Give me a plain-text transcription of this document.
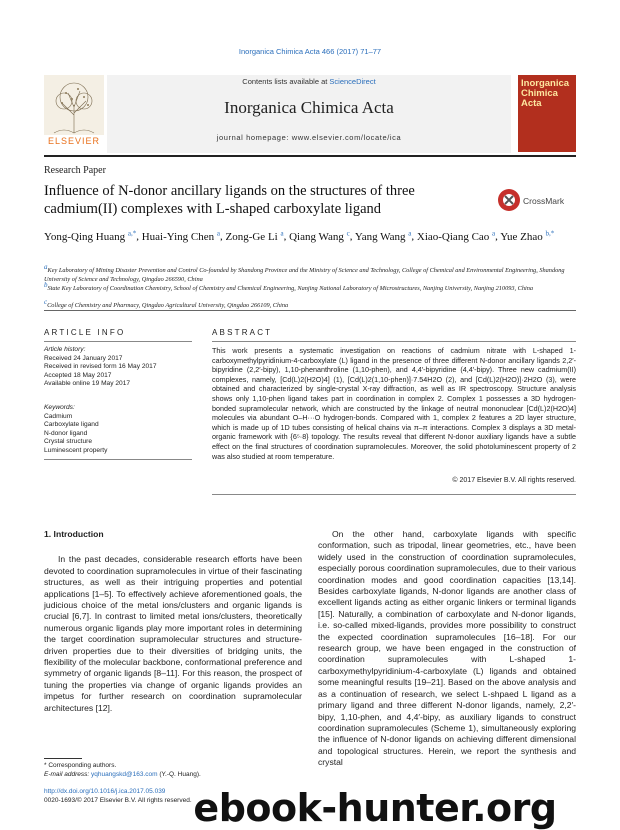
Inorganica Chimica Acta 466 (2017) 71–77
ELSEVIER
Contents lists available at ScienceDirect
Inorganica Chimica Acta
journal homepage: www.elsevier.com/locate/ica
Inorganica Chimica Acta
Research Paper
Influence of N-donor ancillary ligands on the structures of three cadmium(II) complexes with L-shaped carboxylate ligand	CrossMark
Yong-Qing Huang $^{a,*}$, Huai-Ying Chen $^a$, Zong-Ge Li $^a$, Qiang Wang $^c$, Yang Wang $^a$, Xiao-Qiang Cao $^a$, Yue Zhao $^{b,*}$
$^a$Key Laboratory of Mining Disaster Prevention and Control Co-founded by Shandong Province and the Ministry of Science and Technology, College of Chemical and Environmental Engineering, Shandong University of Science and Technology, Qingdao 266590, China
$^b$State Key Laboratory of Coordination Chemistry, School of Chemistry and Chemical Engineering, Nanjing National Laboratory of Microstructures, Nanjing University, Nanjing 210093, China
$^c$College of Chemistry and Pharmacy, Qingdao Agricultural University, Qingdao 266109, China
ARTICLE INFO
Article history:
Received 24 January 2017
Received in revised form 16 May 2017
Accepted 18 May 2017
Available online 19 May 2017
Keywords:
Cadmium
Carboxylate ligand
N-donor ligand
Crystal structure
Luminescent property
ABSTRACT
This work presents a systematic investigation on reactions of cadmium nitrate with L-shaped 1-carboxymethylpyridinium-4-carboxylate (L) ligand in the presence of three different N-donor ancillary ligands 2,2′-bipyridine (2,2′-bipy), 1,10-phenanthroline (1,10-phen), and 4,4′-bipyridine (4,4′-bipy). Three new cadmium(II) complexes, namely, [Cd(L)2(H2O)4] (1), [Cd(L)2(1,10-phen)]·7.54H2O (2), and [Cd(L)2(H2O)]·2H2O (3), were obtained and characterized by single-crystal X-ray diffraction, as well as IR spectroscopy. Structure analysis shows only 1,10-phen ligand takes part in coordination in complex 2. Complex 1 possesses a 3D hydrogen-bonded supramolecular network, which are constructed by the linkage of neutral mononuclear [Cd(L)2(H2O)4] molecules via abundant O–H···O hydrogen-bonds. Compared with 1, complex 2 features a 2D layer structure, which is made up of 1D tubes consisting of helical chains via π–π interactions. Complex 3 displays a 3D metal-organic framework with {6⁵·8} topology. The results reveal that different N-donor auxiliary ligands have a subtle effect on the final structures of coordination supramolecules. Moreover, the solid photoluminescent property of 2 was also studied at room temperature.
© 2017 Elsevier B.V. All rights reserved.
1. Introduction

In the past decades, considerable research efforts have been devoted to coordination supramolecules in virtue of their fascinating structures, as well as their intriguing properties and potential applications [1–5]. To effectively achieve aforementioned goals, the judicious choice of the metal ions/clusters and organic ligands is crucial [6,7]. In contrast to limited metal ions/clusters, theoretically numerous organic ligands play more important roles in determining the target coordination supramolecular structures and structure-driven properties due to their diversities of bridging units, the flexibility of the molecular backbone, conformational preference and symmetry of organic ligands [8–11]. For this reason, the prospect of tuning the properties via change of organic ligands provides an impetus for further research on coordination supramolecular architectures [12].

On the other hand, carboxylate ligands with specific conformation, such as tripodal, linear geometries, etc., have been widely used in the construction of coordination supramolecules, especially porous coordination supramolecules, due to their various coordination modes and good coordination capacities [13,14]. Besides carboxylate ligands, N-donor ligands are another class of excellent ligands acting as either organic linkers or terminal ligands [15]. Naturally, a combination of carboxylate and N-donor ligands, i.e. so-called mixed-ligands, provides more possibility to construct the expected coordination supramolecules [16–18]. For our research group, we have been engaged in the construction of coordination supramolecules with L-shaped 1-carboxymethylpyridinium-4-carboxylate (L) ligands and obtained some meaningful results [19–21]. Based on the above analysis and as a continuation of research, we select L-shpaed L ligand as a primary ligand and three different N-donor ligands, namely, 2,2′-bipy, 1,10-phen, and 4,4′-bipy, as auxiliary ligands to construct coordination supramolecules (Scheme 1), simultaneously exploring the influence of N-donor ligands on achieving different dimensional and topological structures. Herein, we report the synthesis and crystal

* Corresponding authors.
E-mail address: yqhuangskd@163.com (Y.-Q. Huang).
http://dx.doi.org/10.1016/j.ica.2017.05.039
0020-1693/© 2017 Elsevier B.V. All rights reserved. ebook-hunter.org
